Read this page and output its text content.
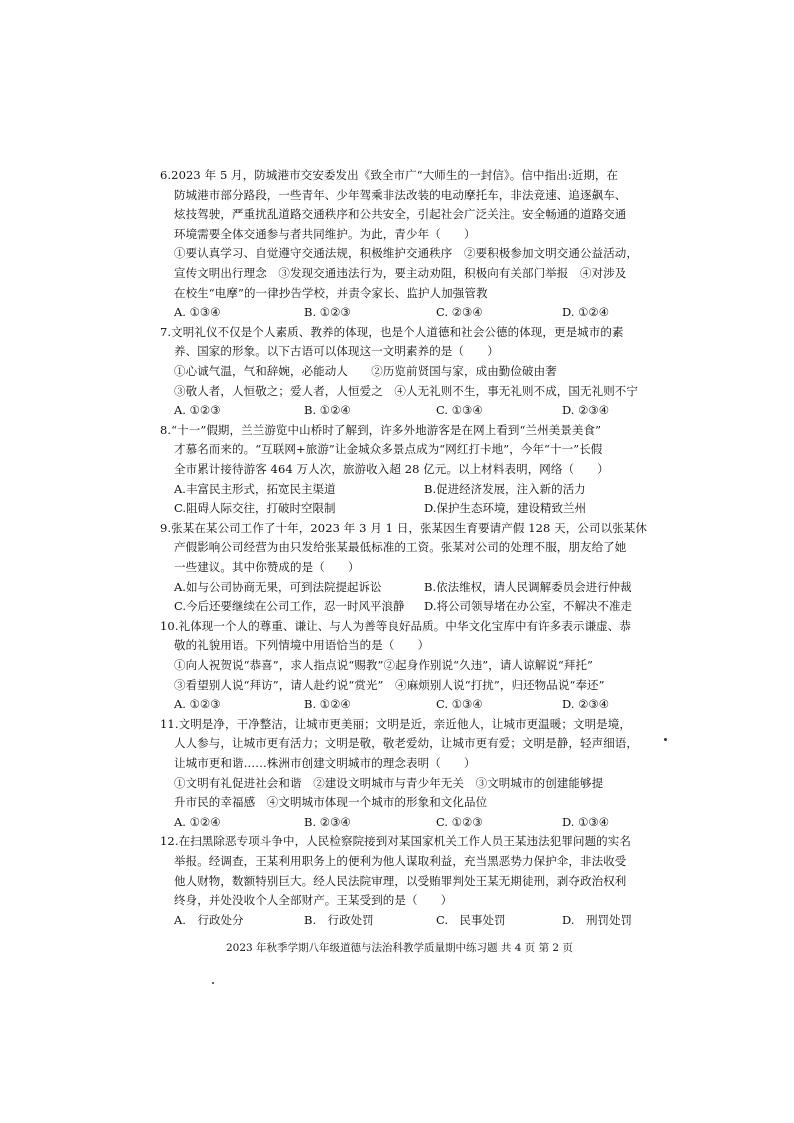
2023 年秋季学期八年级道德与法治科教学质量期中练习题 共 4 页 第 2 页
6.2023 年 5 月，防城港市交安委发出《致全市广“大师生的一封信》。信中指出:近期，在
防城港市部分路段，一些青年、少年驾乘非法改装的电动摩托车，非法竞速、追逐飙车、
炫技驾驶，严重扰乱道路交通秩序和公共安全，引起社会广泛关注。安全畅通的道路交通
环境需要全体交通参与者共同维护。为此，青少年（　　）
①要认真学习、自觉遵守交通法规，积极维护交通秩序　②要积极参加文明交通公益活动，
宣传文明出行理念　③发现交通违法行为，要主动劝阻，积极向有关部门举报　④对涉及
在校生“电摩”的一律抄告学校，并责令家长、监护人加强管教
A. ①③④	B. ①②③	C. ②③④	D. ①②④
7.文明礼仪不仅是个人素质、教养的体现，也是个人道德和社会公德的体现，更是城市的素
养、国家的形象。以下古语可以体现这一文明素养的是（　　）
①心诚气温，气和辞婉，必能动人　　②历览前贤国与家，成由勤俭破由奢
③敬人者，人恒敬之；爱人者，人恒爱之　④人无礼则不生，事无礼则不成，国无礼则不宁
A. ①②③	B. ①②④	C. ①③④	D. ②③④
8.“十一”假期，兰兰游览中山桥时了解到，许多外地游客是在网上看到“兰州美景美食”
才慕名而来的。“互联网+旅游”让金城众多景点成为“网红打卡地”，今年“十一”长假
全市累计接待游客 464 万人次，旅游收入超 28 亿元。以上材料表明，网络（　　）
A.丰富民主形式，拓宽民主渠道	B.促进经济发展，注入新的活力
C.阻碍人际交往，打破时空限制	D.保护生态环境，建设精致兰州
9.张某在某公司工作了十年，2023 年 3 月 1 日，张某因生育要请产假 128 天，公司以张某休
产假影响公司经营为由只发给张某最低标准的工资。张某对公司的处理不服，朋友给了她
一些建议。其中你赞成的是（　　）
A.如与公司协商无果，可到法院提起诉讼	B.依法维权，请人民调解委员会进行仲裁
C.今后还要继续在公司工作，忍一时风平浪静 D.将公司领导堵在办公室，不解决不准走
10.礼体现一个人的尊重、谦让、与人为善等良好品质。中华文化宝库中有许多表示谦虚、恭
敬的礼貌用语。下列情境中用语恰当的是（　　）
①向人祝贺说“恭喜”，求人指点说“赐教”②起身作别说“久违”，请人谅解说“拜托”
③看望别人说“拜访”，请人赴约说“赏光”　④麻烦别人说“打扰”，归还物品说“奉还”
A. ①②③	B. ①②④	C. ①③④	D. ②③④
11.文明是净，干净整洁，让城市更美丽；文明是近，亲近他人，让城市更温暖；文明是境，
人人参与，让城市更有活力；文明是敬，敬老爱幼，让城市更有爱；文明是静，轻声细语，
让城市更和谐……株洲市创建文明城市的理念表明（　　）
①文明有礼促进社会和谐　②建设文明城市与青少年无关　③文明城市的创建能够提
升市民的幸福感　④文明城市体现一个城市的形象和文化品位
A. ①②④	B. ②③④	C. ①②③	D. ①③④
12.在扫黑除恶专项斗争中，人民检察院接到对某国家机关工作人员王某违法犯罪问题的实名
举报。经调查，王某利用职务上的便利为他人谋取利益，充当黑恶势力保护伞，非法收受
他人财物，数额特别巨大。经人民法院审理，以受贿罪判处王某无期徒刑，剥夺政治权利
终身，并处没收个人全部财产。王某受到的是（　　）
A.　行政处分	B.　行政处罚	C.　民事处罚	D.　刑罚处罚
